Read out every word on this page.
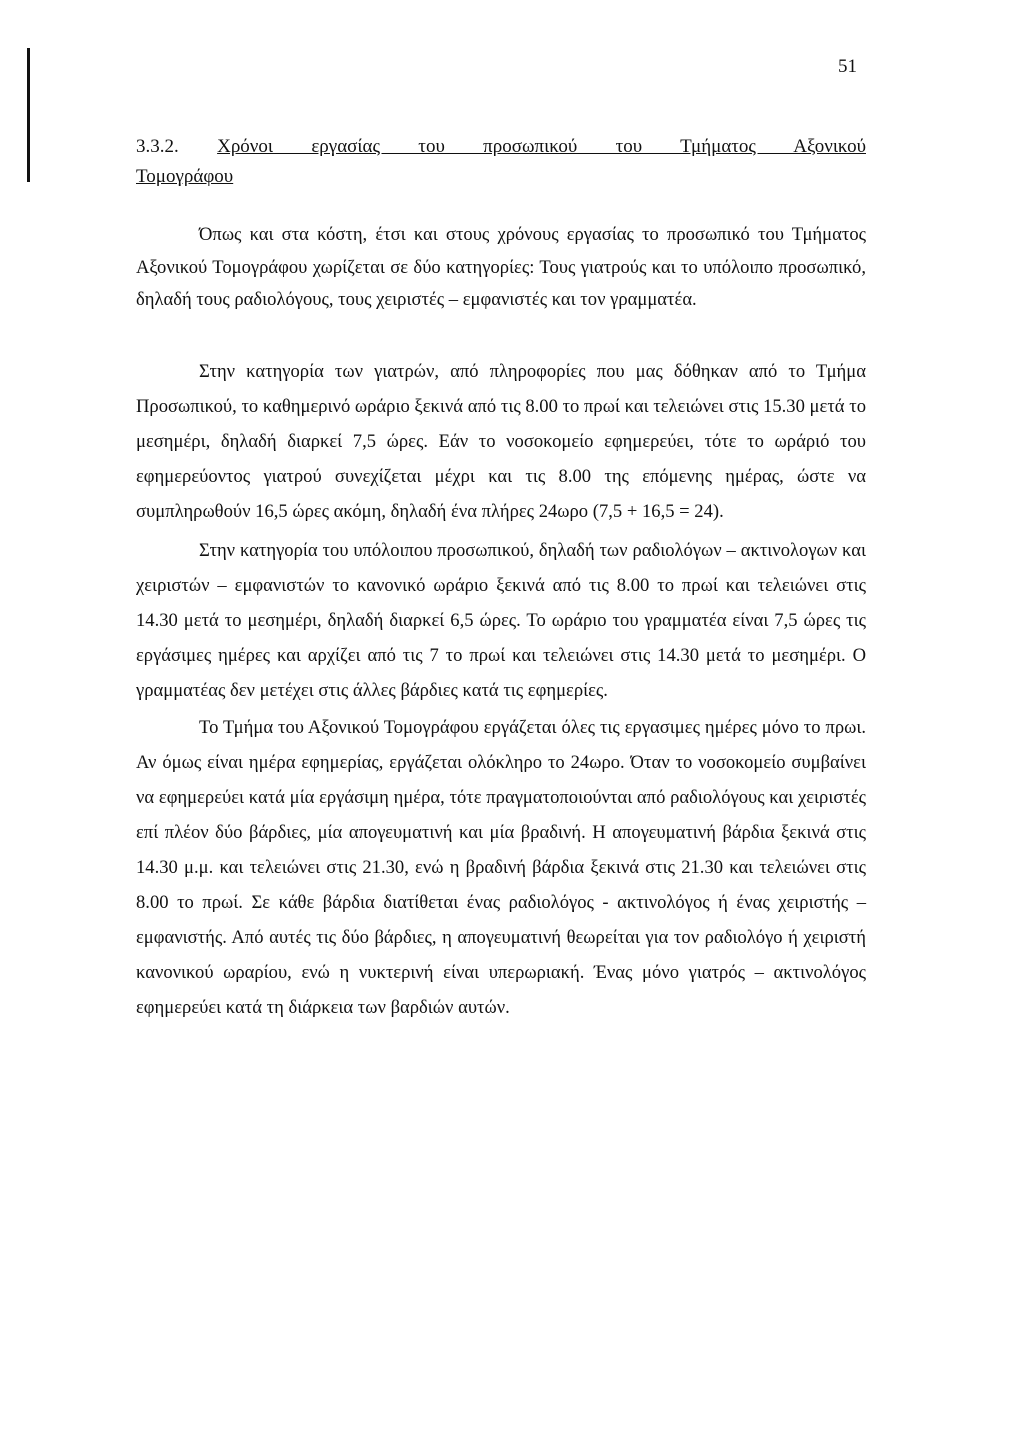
51
3.3.2. Χρόνοι εργασίας του προσωπικού του Τμήματος Αξονικού
Τομογράφου

Όπως και στα κόστη, έτσι και στους χρόνους εργασίας το προσωπικό του Τμήματος Αξονικού Τομογράφου χωρίζεται σε δύο κατηγορίες: Τους γιατρούς και το υπόλοιπο προσωπικό, δηλαδή τους ραδιολόγους, τους χειριστές – εμφανιστές και τον γραμματέα.

Στην κατηγορία των γιατρών, από πληροφορίες που μας δόθηκαν από το Τμήμα Προσωπικού, το καθημερινό ωράριο ξεκινά από τις 8.00 το πρωί και τελειώνει στις 15.30 μετά το μεσημέρι, δηλαδή διαρκεί 7,5 ώρες. Εάν το νοσοκομείο εφημερεύει, τότε το ωράριό του εφημερεύοντος γιατρού συνεχίζεται μέχρι και τις 8.00 της επόμενης ημέρας, ώστε να συμπληρωθούν 16,5 ώρες ακόμη, δηλαδή ένα πλήρες 24ωρο (7,5 + 16,5 = 24).

Στην κατηγορία του υπόλοιπου προσωπικού, δηλαδή των ραδιολόγων – ακτινολογων και χειριστών – εμφανιστών το κανονικό ωράριο ξεκινά από τις 8.00 το πρωί και τελειώνει στις 14.30 μετά το μεσημέρι, δηλαδή διαρκεί 6,5 ώρες. Το ωράριο του γραμματέα είναι 7,5 ώρες τις εργάσιμες ημέρες και αρχίζει από τις 7 το πρωί και τελειώνει στις 14.30 μετά το μεσημέρι. Ο γραμματέας δεν μετέχει στις άλλες βάρδιες κατά τις εφημερίες.

Το Τμήμα του Αξονικού Τομογράφου εργάζεται όλες τις εργασιμες ημέρες μόνο το πρωι. Αν όμως είναι ημέρα εφημερίας, εργάζεται ολόκληρο το 24ωρο. Όταν το νοσοκομείο συμβαίνει να εφημερεύει κατά μία εργάσιμη ημέρα, τότε πραγματοποιούνται από ραδιολόγους και χειριστές επί πλέον δύο βάρδιες, μία απογευματινή και μία βραδινή. Η απογευματινή βάρδια ξεκινά στις 14.30 μ.μ. και τελειώνει στις 21.30, ενώ η βραδινή βάρδια ξεκινά στις 21.30 και τελειώνει στις 8.00 το πρωί. Σε κάθε βάρδια διατίθεται ένας ραδιολόγος - ακτινολόγος ή ένας χειριστής – εμφανιστής. Από αυτές τις δύο βάρδιες, η απογευματινή θεωρείται για τον ραδιολόγο ή χειριστή κανονικού ωραρίου, ενώ η νυκτερινή είναι υπερωριακή. Ένας μόνο γιατρός – ακτινολόγος εφημερεύει κατά τη διάρκεια των βαρδιών αυτών.
